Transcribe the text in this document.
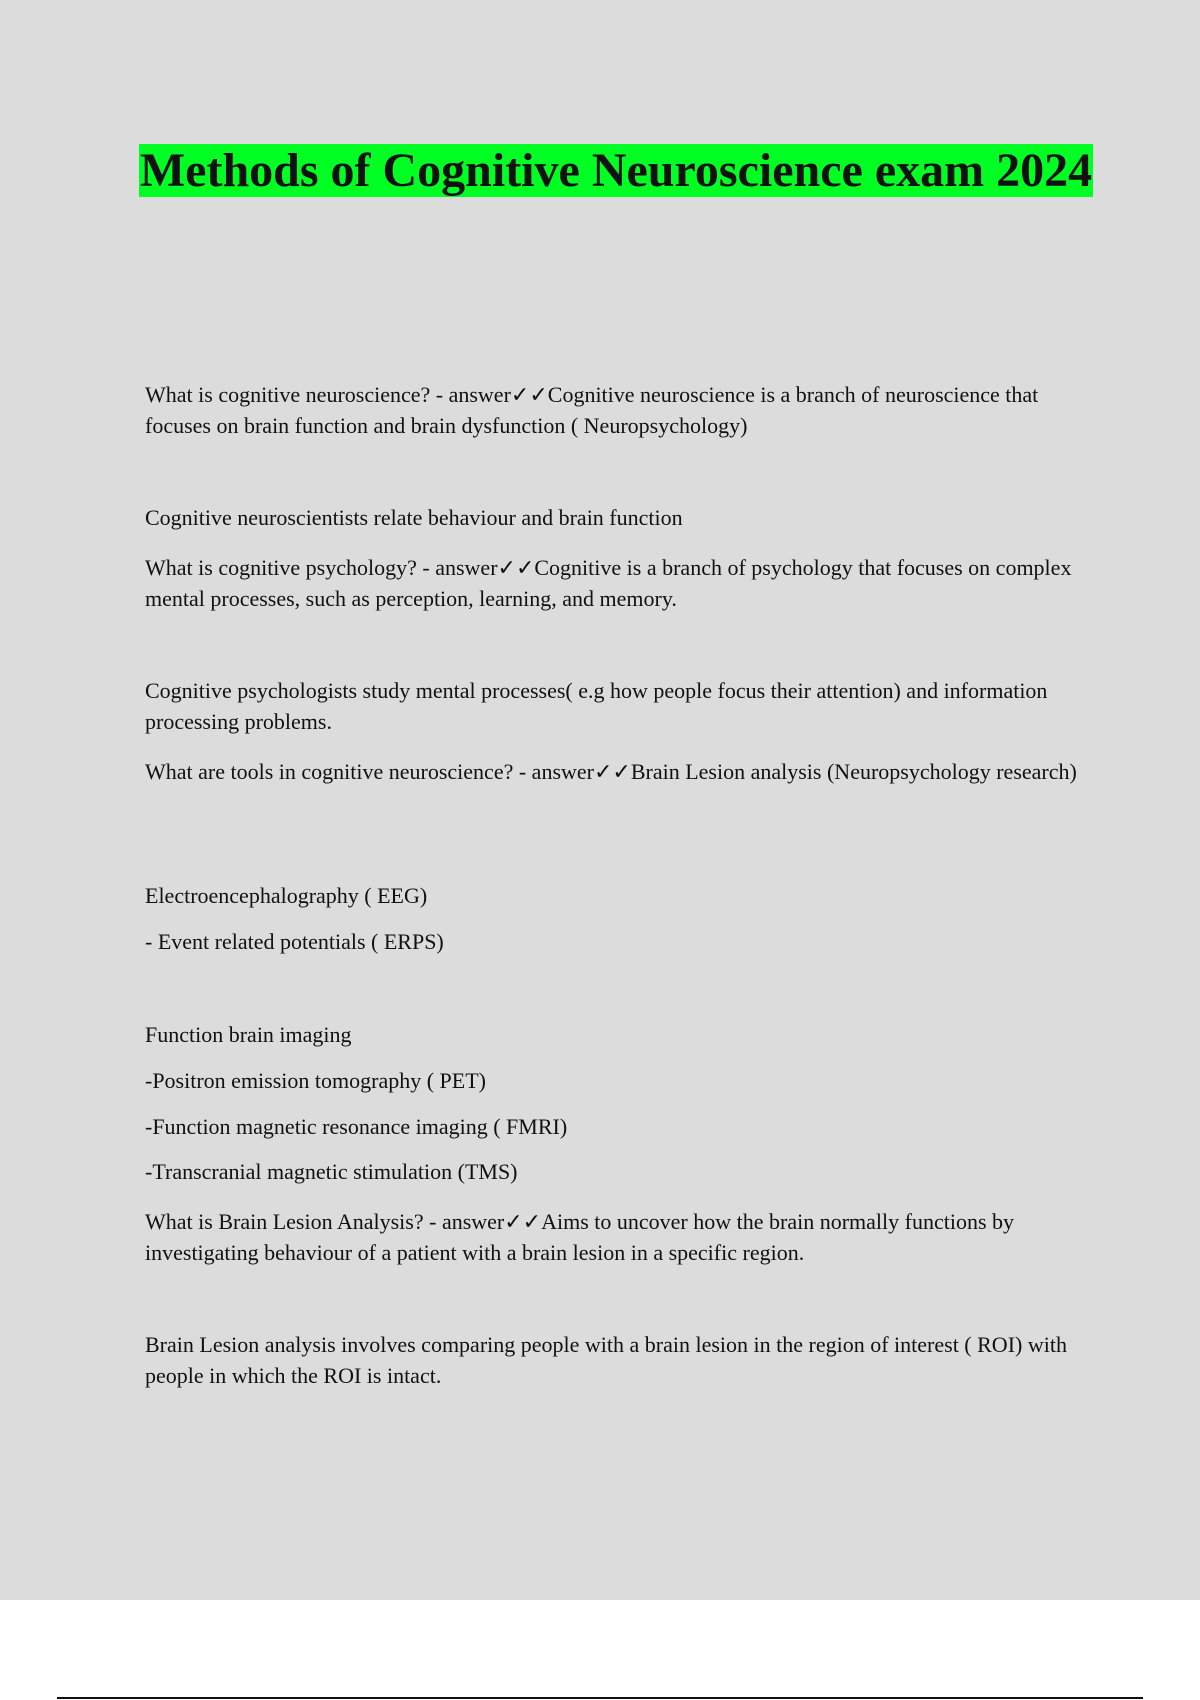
Methods of Cognitive Neuroscience exam 2024

What is cognitive neuroscience? - answer✓✓Cognitive neuroscience is a branch of neuroscience that focuses on brain function and brain dysfunction ( Neuropsychology)

Cognitive neuroscientists relate behaviour and brain function

What is cognitive psychology? - answer✓✓Cognitive is a branch of psychology that focuses on complex mental processes, such as perception, learning, and memory.

Cognitive psychologists study mental processes( e.g how people focus their attention) and information processing problems.

What are tools in cognitive neuroscience? - answer✓✓Brain Lesion analysis (Neuropsychology research)

Electroencephalography ( EEG)

- Event related potentials ( ERPS)

Function brain imaging

-Positron emission tomography ( PET)

-Function magnetic resonance imaging ( FMRI)

-Transcranial magnetic stimulation (TMS)

What is Brain Lesion Analysis? - answer✓✓Aims to uncover how the brain normally functions by investigating behaviour of a patient with a brain lesion in a specific region.

Brain Lesion analysis involves comparing people with a brain lesion in the region of interest ( ROI) with people in which the ROI is intact.
